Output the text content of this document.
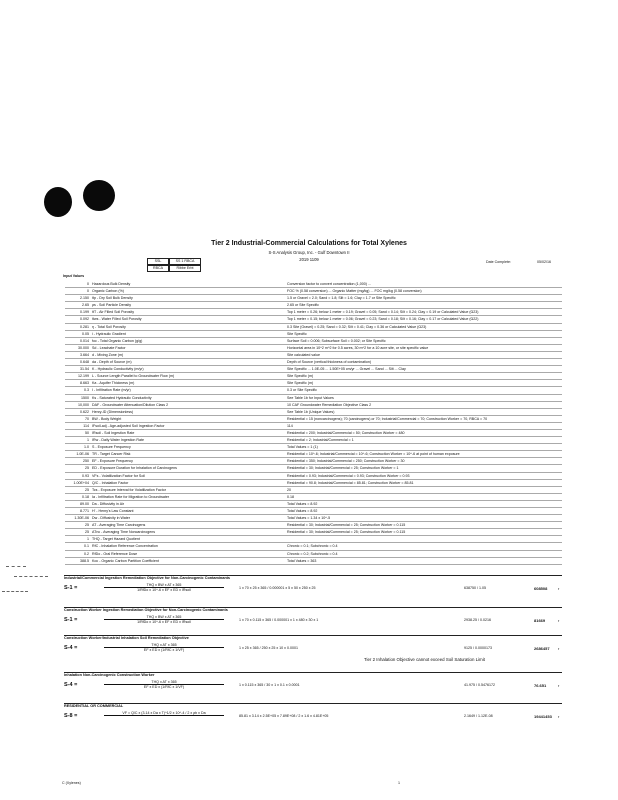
Tier 2 Industrial-Commercial Calculations for Total Xylenes
S-S Analysis Group, Inc. - Gulf Downtown II
2019 1109
SSL	SS 1 RBCA
RBCA	Ribbe Erbt
Date Complete:	05/02/16
Input Values
0 Hazardous Bulk Density	Conversion factor to convert concentration (1,000) ...
0 Organic Carbon (%)	FOC % (0.58 conversion) ... Organic Matter (mg/kg) ... FOC mg/kg (0.58 conversion)
2.150 θp - Dry Soil Bulk Density	1.5 or Gravel = 2.0; Sand = 1.8; Silt = 1.6; Clay = 1.7 or Site Specific
2.65 ρs - Soil Particle Density	2.65 or Site Specific
0.199 θT - Air Filled Soil Porosity	Top 1 meter = 0.26; below 1 meter = 0.19; Gravel = 0.05; Sand = 0.14; Silt = 0.24; Clay = 0.19 or Calculated Value (Ω23)
0.092 θws - Water Filled Soil Porosity	Top 1 meter = 0.15; below 1 meter = 0.06; Gravel = 0.23; Sand = 0.18; Silt = 0.16; Clay = 0.17 or Calculated Value (Ω22)
0.281 η - Total Soil Porosity	0.3 Site (Gravel) = 0.25; Sand = 0.32; Silt = 0.41; Clay = 0.36 or Calculated Value (Ω23)
0.05 i - Hydraulic Gradient	Site Specific
0.014 foc - Total Organic Carbon (g/g)	Surface Soil = 0.006; Subsurface Soil = 0.002; or Site Specific
30.000 Sd - Leachate Factor	Horizontal area in 10^2 m^2 for 0.5 acres, 30 m^2 for a 10 acre site, or site specific value
3.664 d - Mixing Zone (m)	Site calculated value
0.648 da - Depth of Source (m)	Depth of Source (vertical thickness of contamination)
31.54 K - Hydraulic Conductivity (m/yr)	Site Specific ... 1.0E-05 ... 1.50E+05 cm/yr ... Gravel ... Sand ... Silt ... Clay
12.199 L - Source Length Parallel to Groundwater Flow (m)	Site Specific (m)
8.663 Ka - Aquifer Thickness (m)	Site Specific (m)
0.3 I - Infiltration Rate (m/yr)	0.3 or Site Specific
1500 Ks - Saturated Hydraulic Conductivity	See Table 1b for Input Values
10,000 DAF - Groundwater Attenuation/Dilution Class 2	10 CAF Groundwater Remediation Objective Class 2
0.622 Henry-ID (Dimensionless)	See Table 1b (Unique Values)
70 BW - Body Weight	Residential = 15 (noncarcinogens); 70 (carcinogens) or 70; Industrial/Commercial = 70; Construction Worker = 70, RBCA = 70
114 IFsoil-adj - Age-adjusted Soil Ingestion Factor	114
50 IRsoil - Soil Ingestion Rate	Residential = 200; Industrial/Commercial = 50; Construction Worker = 480
1 IRw - Daily Water Ingestion Rate	Residential = 2; Industrial/Commercial = 1
1.0 S - Exposure Frequency	Total Values = 1 (1)
1.0E-06 TR - Target Cancer Risk	Residential = 10^-6; Industrial/Commercial = 10^-6; Construction Worker = 10^-6 at point of human exposure
250 EF - Exposure Frequency	Residential = 350; Industrial/Commercial = 250; Construction Worker = 30
25 ED - Exposure Duration for Inhalation of Carcinogens	Residential = 30; Industrial/Commercial = 25; Construction Worker = 1
0.93 VFs - Volatilization Factor for Soil	Residential = 0.93; Industrial/Commercial = 0.93; Construction Worker = 0.93
1.00E+04 Q/C - Inhalation Factor	Residential = 90.8; Industrial/Commercial = 85.81; Construction Worker = 85.81
25 Tcs - Exposure Interval for Volatilization Factor	20
0.18 Ia - Infiltration Rate for Migration to Groundwater	0.18
89.00 Da - Diffusivity in Air	Total Values = 8.92
8.771 H' - Henry's Law Constant	Total Values = 8.92
1.30E-06 Dw - Diffusivity in Water	Total Values = 1.34 x 10^-5
25 AT - Averaging Time Carcinogens	Residential = 30; Industrial/Commercial = 25; Construction Worker = 0.115
25 ATnc - Averaging Time Noncarcinogens	Residential = 30; Industrial/Commercial = 25; Construction Worker = 0.115
1 THQ - Target Hazard Quotient
0.1 RfC - Inhalation Reference Concentration	Chronic = 0.1; Subchronic = 0.4
0.2 RfDo - Oral Reference Dose	Chronic = 0.2; Subchronic = 0.4
388.5 Koc - Organic Carbon Partition Coefficient	Total Values = 363
Industrial/Commercial Ingestion Remediation Objective for Non-Carcinogenic Contaminants
S-1 =	THQ x BW x AT x 365
1/RfDo x 10^-6 x EF x ED x IRsoil	1 x 70 x 25 x 365 / 0.000001 x 5 x 50 x 250 x 25	638750 / 1.05	608508	r
Construction Worker Ingestion Remediation Objective for Non-Carcinogenic Contaminants
S-1 =	THQ x BW x AT x 365
1/RfDo x 10^-6 x EF x ED x IRsoil	1 x 70 x 0.115 x 365 / 0.000001 x 1 x 480 x 30 x 1	2938.25 / 0.0216	81669	r
Construction Worker/Industrial Inhalation Soil Remediation Objective
S-4 =	THQ x AT x 365
EF x ED x (1/RfC x 1/VF)	1 x 25 x 365 / 250 x 25 x 10 x 0.0001	9125 / 0.0000173	2686457 r
Tier 2 Inhalation Objective cannot exceed Soil Saturation Limit
Inhalation Non-Carcinogenic Construction Worker
S-4 =	THQ x AT x 365
EF x ED x (1/RfC x 1/VF)	1 x 0.115 x 365 / 30 x 1 x 0.1 x 0.0001	41.975 / 0.5476172	76.651	r
RESIDENTIAL OR COMMERCIAL
S-8 =	VF = Q/C x (3.14 x Da x T)^1/2 x 10^-4 / 2 x ρb x Da
85.81 x 3.14 x 2.5E+05 x 7.89E+08 / 2 x 1.6 x 4.81E+05	2.1649 / 1.12E-08	19441453 r
C (Xylenes)	1
